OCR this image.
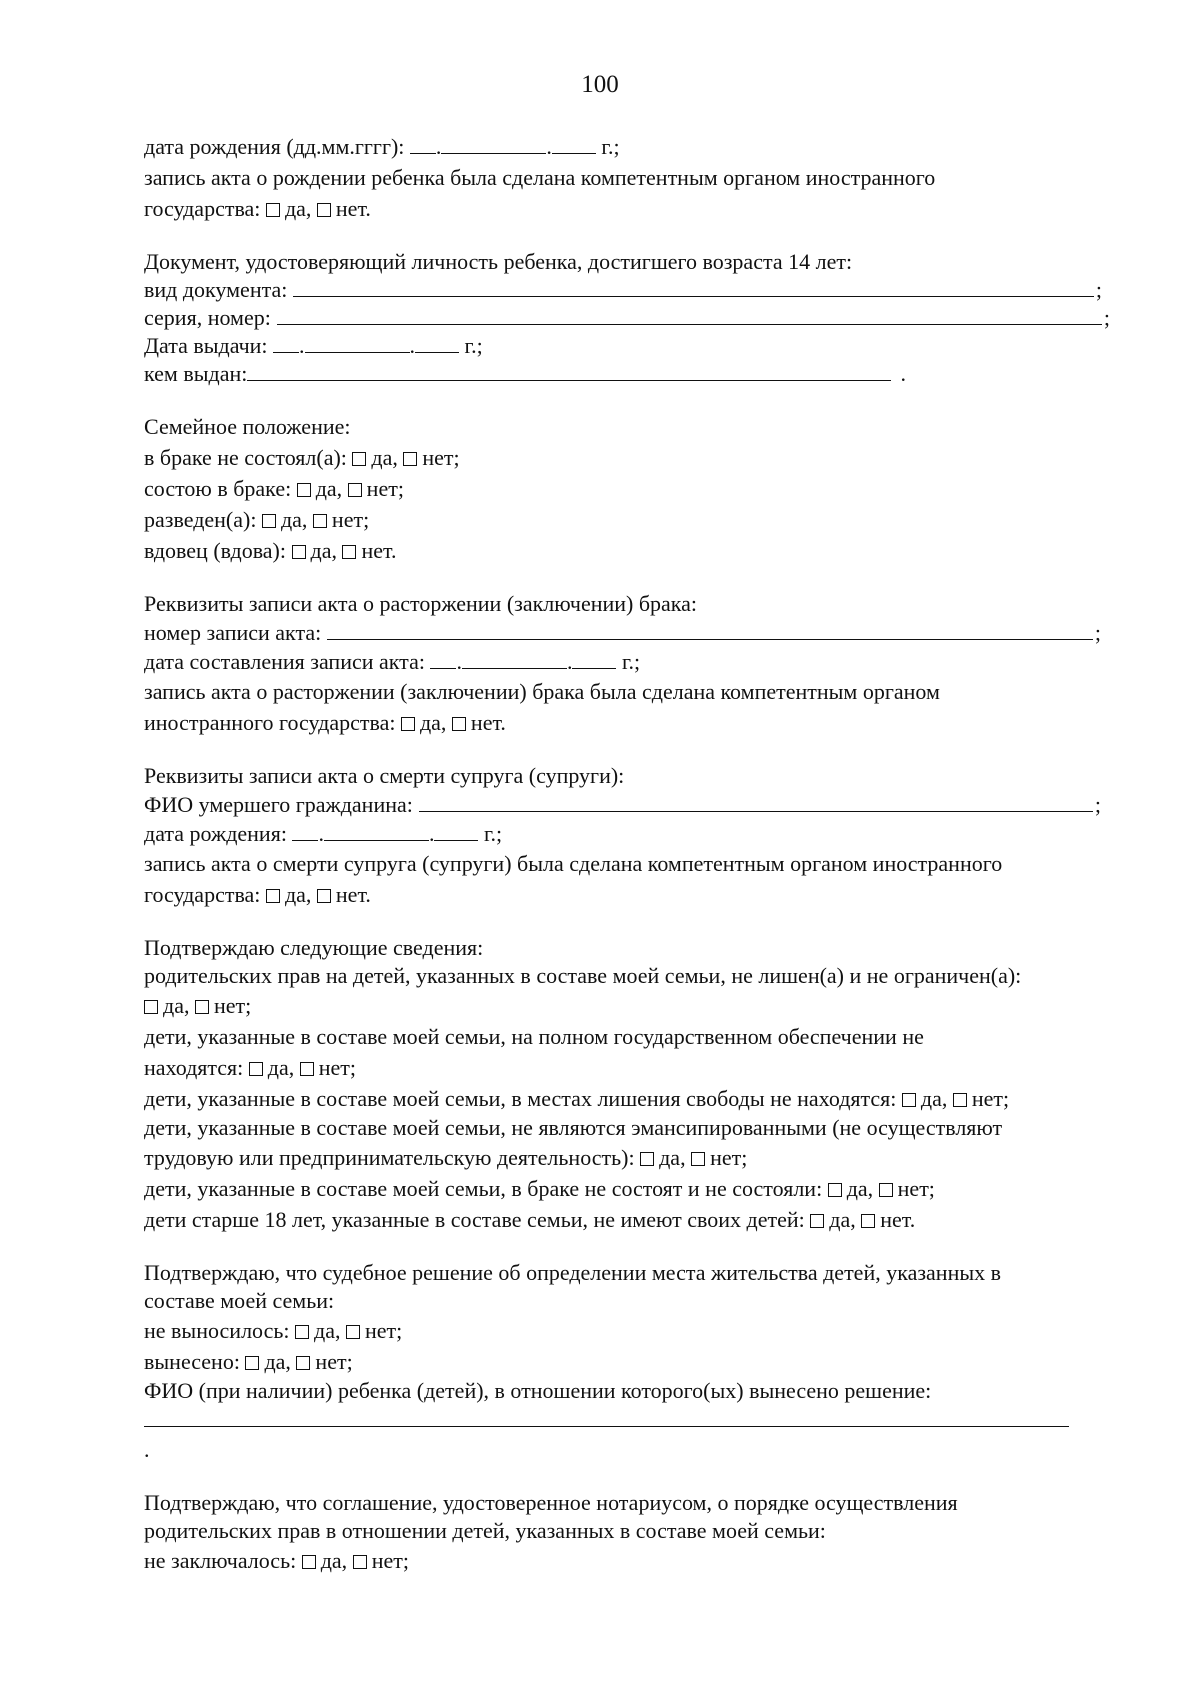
100
дата рождения (дд.мм.гггг): .	. г.;
запись акта о рождении ребенка была сделана компетентным органом иностранного
государства: да, нет.
Документ, удостоверяющий личность ребенка, достигшего возраста 14 лет:
вид документа:	;
серия, номер:	;
Дата выдачи: .	. г.;
кем выдан:	.
Семейное положение:
в браке не состоял(а): да, нет;
состою в браке: да, нет;
разведен(а): да, нет;
вдовец (вдова): да, нет.
Реквизиты записи акта о расторжении (заключении) брака:
номер записи акта:	;
дата составления записи акта: .	. г.;
запись акта о расторжении (заключении) брака была сделана компетентным органом
иностранного государства: да, нет.
Реквизиты записи акта о смерти супруга (супруги):
ФИО умершего гражданина:	;
дата рождения: .	. г.;
запись акта о смерти супруга (супруги) была сделана компетентным органом иностранного
государства: да, нет.
Подтверждаю следующие сведения:
родительских прав на детей, указанных в составе моей семьи, не лишен(а) и не ограничен(а):
да, нет;
дети, указанные в составе моей семьи, на полном государственном обеспечении не
находятся: да, нет;
дети, указанные в составе моей семьи, в местах лишения свободы не находятся: да, нет;
дети, указанные в составе моей семьи, не являются эмансипированными (не осуществляют
трудовую или предпринимательскую деятельность): да, нет;
дети, указанные в составе моей семьи, в браке не состоят и не состояли: да, нет;
дети старше 18 лет, указанные в составе семьи, не имеют своих детей: да, нет.
Подтверждаю, что судебное решение об определении места жительства детей, указанных в
составе моей семьи:
не выносилось: да, нет;
вынесено: да, нет;
ФИО (при наличии) ребенка (детей), в отношении которого(ых) вынесено решение:
.
Подтверждаю, что соглашение, удостоверенное нотариусом, о порядке осуществления
родительских прав в отношении детей, указанных в составе моей семьи:
не заключалось: да, нет;
